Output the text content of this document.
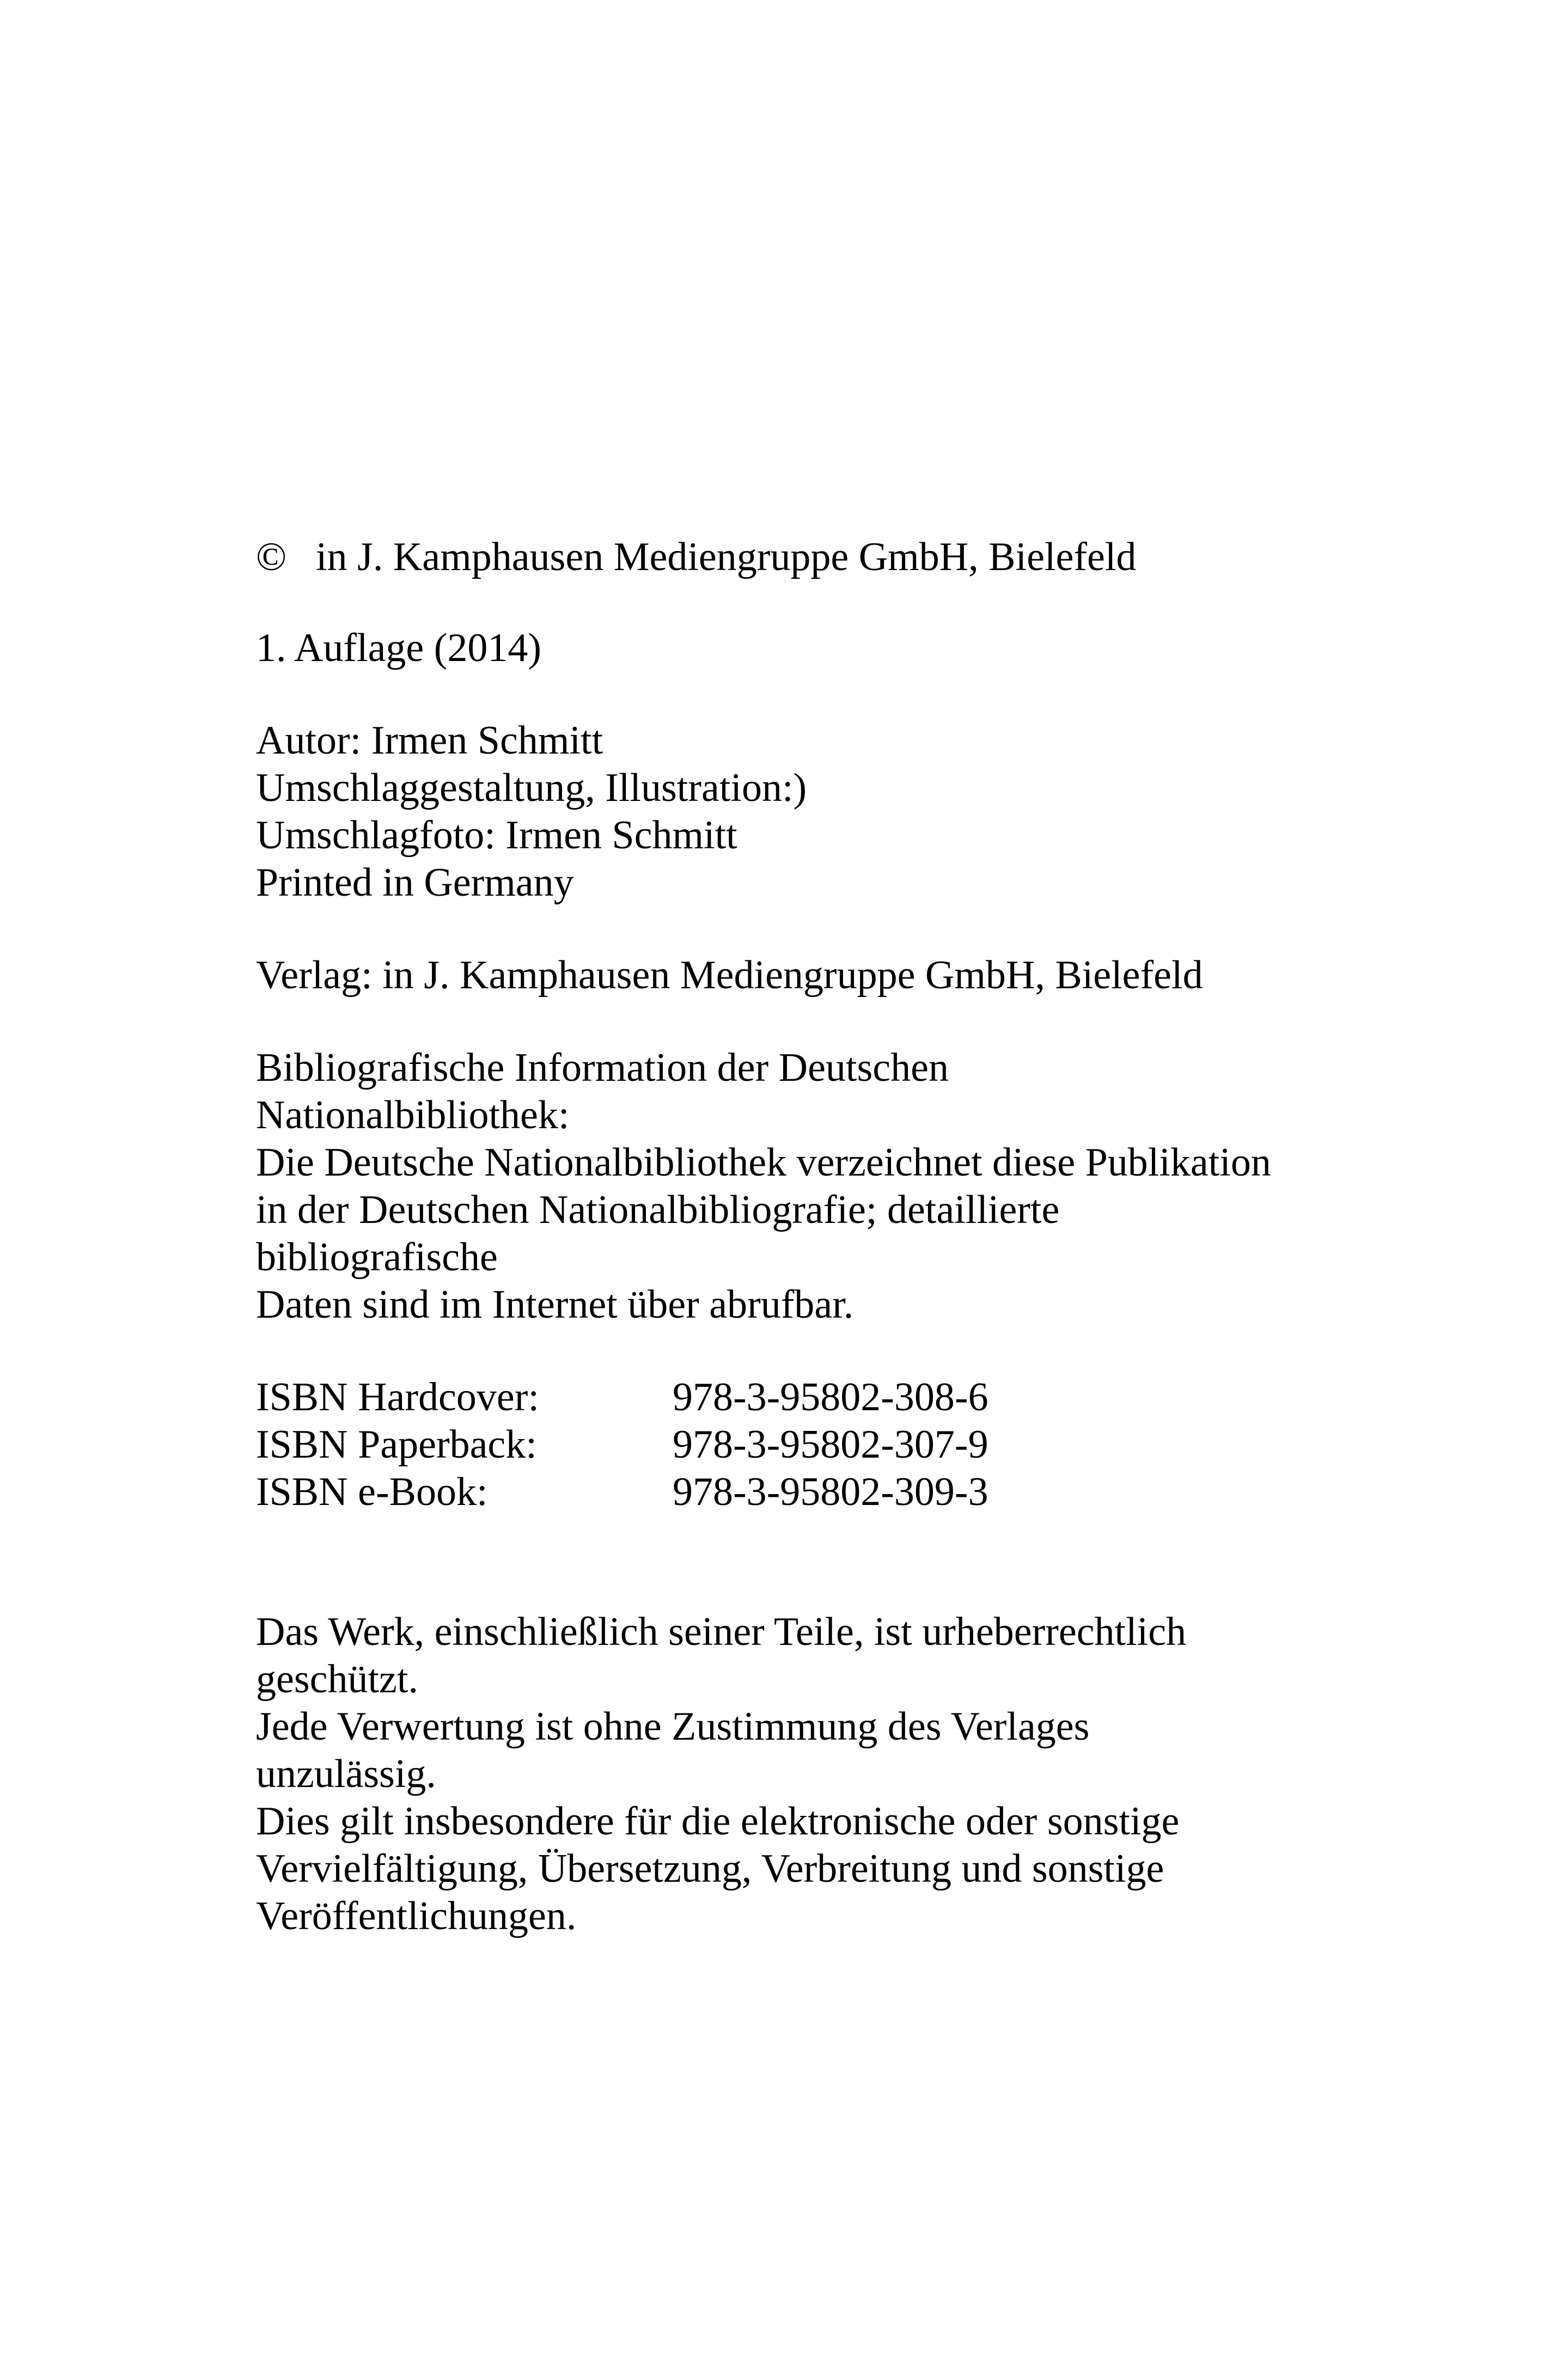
© in J. Kamphausen Mediengruppe GmbH, Bielefeld
1. Auflage (2014)
Autor: Irmen Schmitt
Umschlaggestaltung, Illustration:)
Umschlagfoto: Irmen Schmitt
Printed in Germany
Verlag: in J. Kamphausen Mediengruppe GmbH, Bielefeld
Bibliografische Information der Deutschen
Nationalbibliothek:
Die Deutsche Nationalbibliothek verzeichnet diese Publikation
in der Deutschen Nationalbibliografie; detaillierte
bibliografische
Daten sind im Internet über abrufbar.
ISBN Hardcover:	978-3-95802-308-6
ISBN Paperback:	978-3-95802-307-9
ISBN e-Book:	978-3-95802-309-3
Das Werk, einschließlich seiner Teile, ist urheberrechtlich
geschützt.
Jede Verwertung ist ohne Zustimmung des Verlages
unzulässig.
Dies gilt insbesondere für die elektronische oder sonstige
Vervielfältigung, Übersetzung, Verbreitung und sonstige
Veröffentlichungen.
